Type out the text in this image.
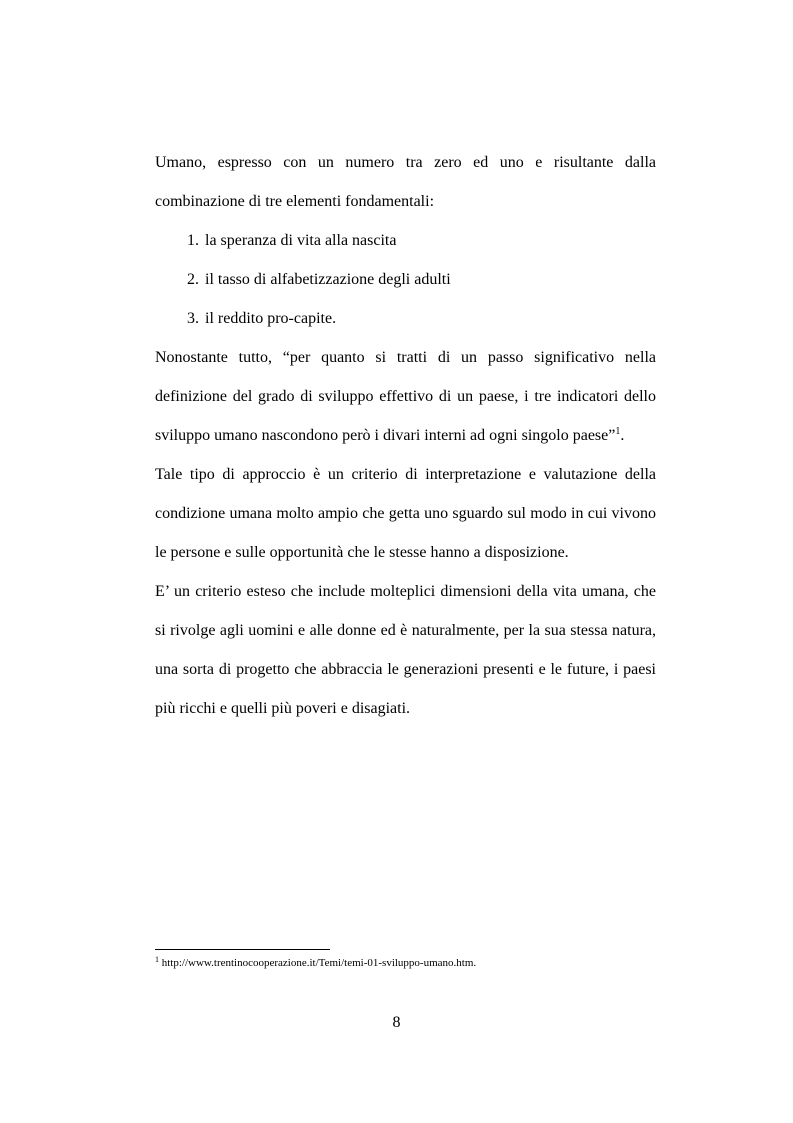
Umano, espresso con un numero tra zero ed uno e risultante dalla combinazione di tre elementi fondamentali:

1. la speranza di vita alla nascita
2. il tasso di alfabetizzazione degli adulti
3. il reddito pro-capite.

Nonostante tutto, “per quanto si tratti di un passo significativo nella definizione del grado di sviluppo effettivo di un paese, i tre indicatori dello sviluppo umano nascondono però i divari interni ad ogni singolo paese”$^1$.

Tale tipo di approccio è un criterio di interpretazione e valutazione della condizione umana molto ampio che getta uno sguardo sul modo in cui vivono le persone e sulle opportunità che le stesse hanno a disposizione.

E’ un criterio esteso che include molteplici dimensioni della vita umana, che si rivolge agli uomini e alle donne ed è naturalmente, per la sua stessa natura, una sorta di progetto che abbraccia le generazioni presenti e le future, i paesi più ricchi e quelli più poveri e disagiati.

$^1$ http://www.trentinocooperazione.it/Temi/temi-01-sviluppo-umano.htm.
8
